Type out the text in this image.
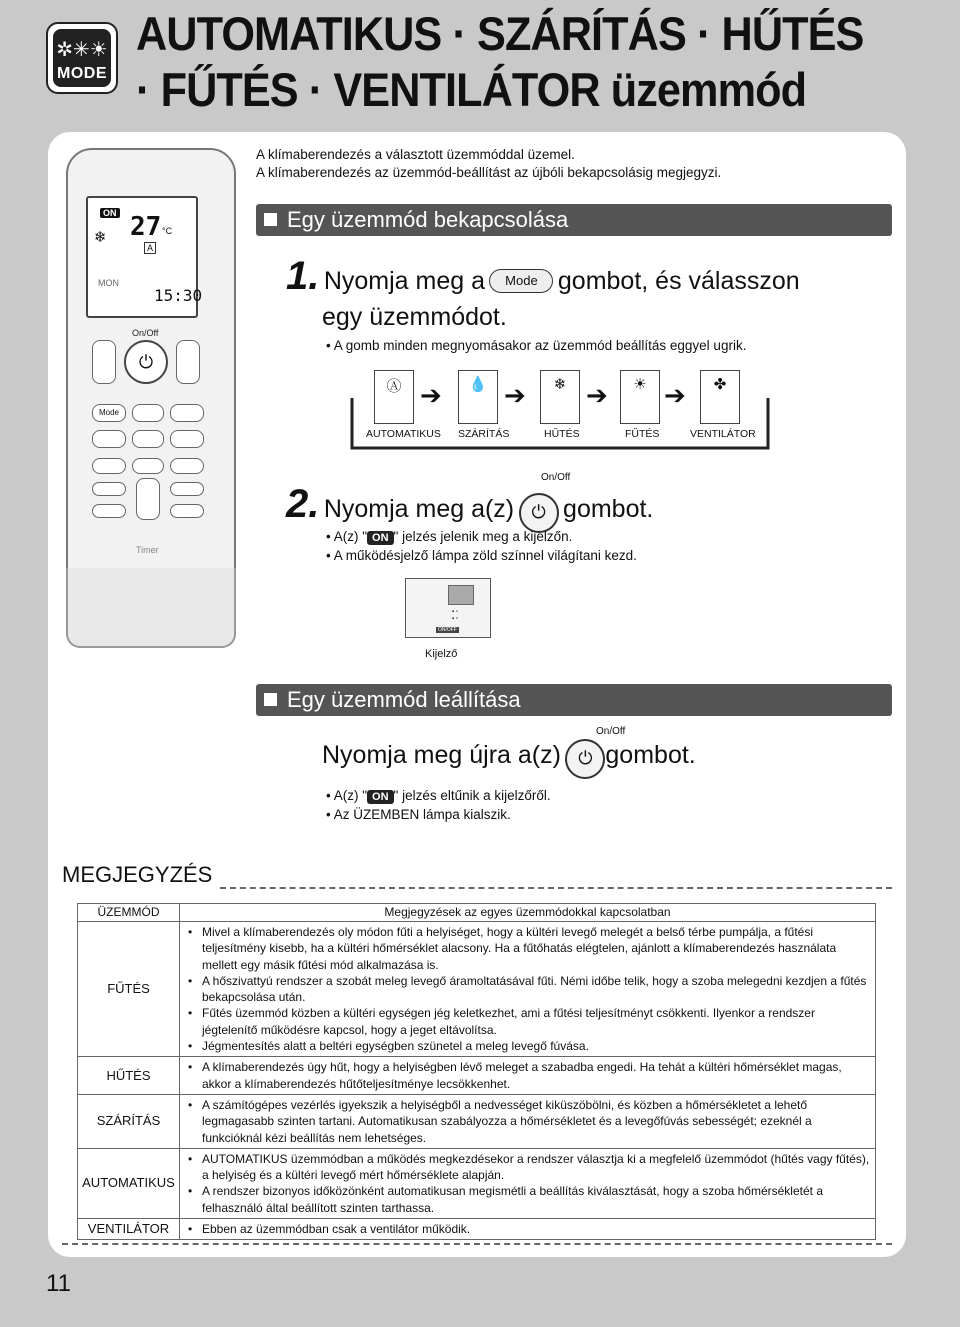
✲✳☀
MODE
AUTOMATIKUS · SZÁRÍTÁS · HŰTÉS
· FŰTÉS · VENTILÁTOR üzemmód
ON 27 °C
❄
A
MON
15:30
On/Off
⏻
Mode
Timer
A klímaberendezés a választott üzemmóddal üzemel.
A klímaberendezés az üzemmód-beállítást az újbóli bekapcsolásig megjegyzi.
Egy üzemmód bekapcsolása
1. Nyomja meg a Mode gombot, és válasszon
egy üzemmódot.
• A gomb minden megnyomásakor az üzemmód beállítás eggyel ugrik.
Ⓐ ➔	💧 ➔	❄ ➔	☀ ➔	✤
AUTOMATIKUS SZÁRÍTÁS	HŰTÉS	FŰTÉS	VENTILÁTOR
On/Off
2. Nyomja meg a(z) ⏻ gombot.
• A(z) " ON " jelzés jelenik meg a kijelzőn.
• A működésjelző lámpa zöld színnel világítani kezd.
▪ ▫
▪ ▫
ON/OFF
Kijelző
Egy üzemmód leállítása
On/Off
Nyomja meg újra a(z) ⏻ gombot.
• A(z) " ON " jelzés eltűnik a kijelzőről.
• Az ÜZEMBEN lámpa kialszik.
MEGJEGYZÉS
ÜZEMMÓD	Megjegyzések az egyes üzemmódokkal kapcsolatban
FŰTÉS	• Mivel a klímaberendezés oly módon fűti a helyiséget, hogy a kültéri levegő melegét a belső térbe pumpálja, a fűtési teljesítmény kisebb, ha a kültéri hőmérséklet alacsony. Ha a fűtőhatás elégtelen, ajánlott a klímaberendezés használata mellett egy másik fűtési mód alkalmazása is.
• A hőszivattyú rendszer a szobát meleg levegő áramoltatásával fűti. Némi időbe telik, hogy a szoba melegedni kezdjen a fűtés bekapcsolása után.
• Fűtés üzemmód közben a kültéri egységen jég keletkezhet, ami a fűtési teljesítményt csökkenti. Ilyenkor a rendszer jégtelenítő működésre kapcsol, hogy a jeget eltávolítsa.
• Jégmentesítés alatt a beltéri egységben szünetel a meleg levegő fúvása.

HŰTÉS	• A klímaberendezés úgy hűt, hogy a helyiségben lévő meleget a szabadba engedi. Ha tehát a kültéri hőmérséklet magas, akkor a klímaberendezés hűtőteljesítménye lecsökkenhet.

SZÁRÍTÁS	• A számítógépes vezérlés igyekszik a helyiségből a nedvességet kiküszöbölni, és közben a hőmérsékletet a lehető legmagasabb szinten tartani. Automatikusan szabályozza a hőmérsékletet és a levegőfúvás sebességét; ezeknél a funkcióknál kézi beállítás nem lehetséges.

AUTOMATIKUS	• AUTOMATIKUS üzemmódban a működés megkezdésekor a rendszer választja ki a megfelelő üzemmódot (hűtés vagy fűtés), a helyiség és a kültéri levegő mért hőmérséklete alapján.
• A rendszer bizonyos időközönként automatikusan megismétli a beállítás kiválasztását, hogy a szoba hőmérsékletét a felhasználó által beállított szinten tarthassa.

VENTILÁTOR	• Ebben az üzemmódban csak a ventilátor működik.
11
